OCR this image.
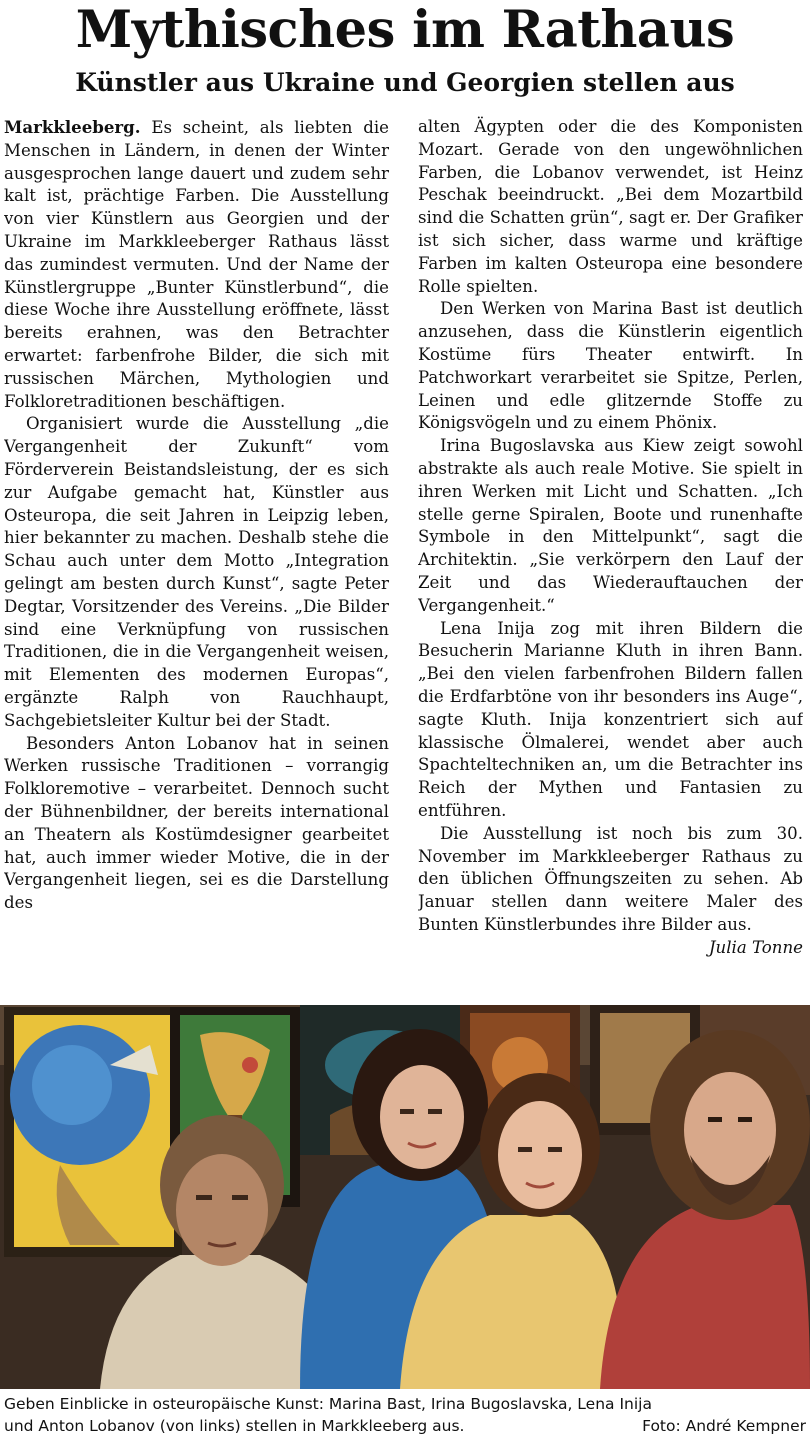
Mythisches im Rathaus
Künstler aus Ukraine und Georgien stellen aus

Markkleeberg. Es scheint, als liebten die Menschen in Ländern, in denen der Winter ausgesprochen lange dauert und zudem sehr kalt ist, prächtige Farben. Die Ausstellung von vier Künstlern aus Georgien und der Ukraine im Markkleeberger Rathaus lässt das zumindest vermuten. Und der Name der Künstlergruppe „Bunter Künstlerbund“, die diese Woche ihre Ausstellung eröffnete, lässt bereits erahnen, was den Betrachter erwartet: farbenfrohe Bilder, die sich mit russischen Märchen, Mythologien und Folkloretraditionen beschäftigen.

Organisiert wurde die Ausstellung „die Vergangenheit der Zukunft“ vom Förderverein Beistandsleistung, der es sich zur Aufgabe gemacht hat, Künstler aus Osteuropa, die seit Jahren in Leipzig leben, hier bekannter zu machen. Deshalb stehe die Schau auch unter dem Motto „Integration gelingt am besten durch Kunst“, sagte Peter Degtar, Vorsitzender des Vereins. „Die Bilder sind eine Verknüpfung von russischen Traditionen, die in die Vergangenheit weisen, mit Elementen des modernen Europas“, ergänzte Ralph von Rauchhaupt, Sachgebietsleiter Kultur bei der Stadt.

Besonders Anton Lobanov hat in seinen Werken russische Traditionen – vorrangig Folkloremotive – verarbeitet. Dennoch sucht der Bühnenbildner, der bereits international an Theatern als Kostümdesigner gearbeitet hat, auch immer wieder Motive, die in der Vergangenheit liegen, sei es die Darstellung des

alten Ägypten oder die des Komponisten Mozart. Gerade von den ungewöhnlichen Farben, die Lobanov verwendet, ist Heinz Peschak beeindruckt. „Bei dem Mozartbild sind die Schatten grün“, sagt er. Der Grafiker ist sich sicher, dass warme und kräftige Farben im kalten Osteuropa eine besondere Rolle spielten.

Den Werken von Marina Bast ist deutlich anzusehen, dass die Künstlerin eigentlich Kostüme fürs Theater entwirft. In Patchworkart verarbeitet sie Spitze, Perlen, Leinen und edle glitzernde Stoffe zu Königsvögeln und zu einem Phönix.

Irina Bugoslavska aus Kiew zeigt sowohl abstrakte als auch reale Motive. Sie spielt in ihren Werken mit Licht und Schatten. „Ich stelle gerne Spiralen, Boote und runenhafte Symbole in den Mittelpunkt“, sagt die Architektin. „Sie verkörpern den Lauf der Zeit und das Wiederauftauchen der Vergangenheit.“

Lena Inija zog mit ihren Bildern die Besucherin Marianne Kluth in ihren Bann. „Bei den vielen farbenfrohen Bildern fallen die Erdfarbtöne von ihr besonders ins Auge“, sagte Kluth. Inija konzentriert sich auf klassische Ölmalerei, wendet aber auch Spachteltechniken an, um die Betrachter ins Reich der Mythen und Fantasien zu entführen.

Die Ausstellung ist noch bis zum 30. November im Markkleeberger Rathaus zu den üblichen Öffnungszeiten zu sehen. Ab Januar stellen dann weitere Maler des Bunten Künstlerbundes ihre Bilder aus.

Julia Tonne

Geben Einblicke in osteuropäische Kunst: Marina Bast, Irina Bugoslavska, Lena Inija
und Anton Lobanov (von links) stellen in Markkleeberg aus.	Foto: André Kempner
